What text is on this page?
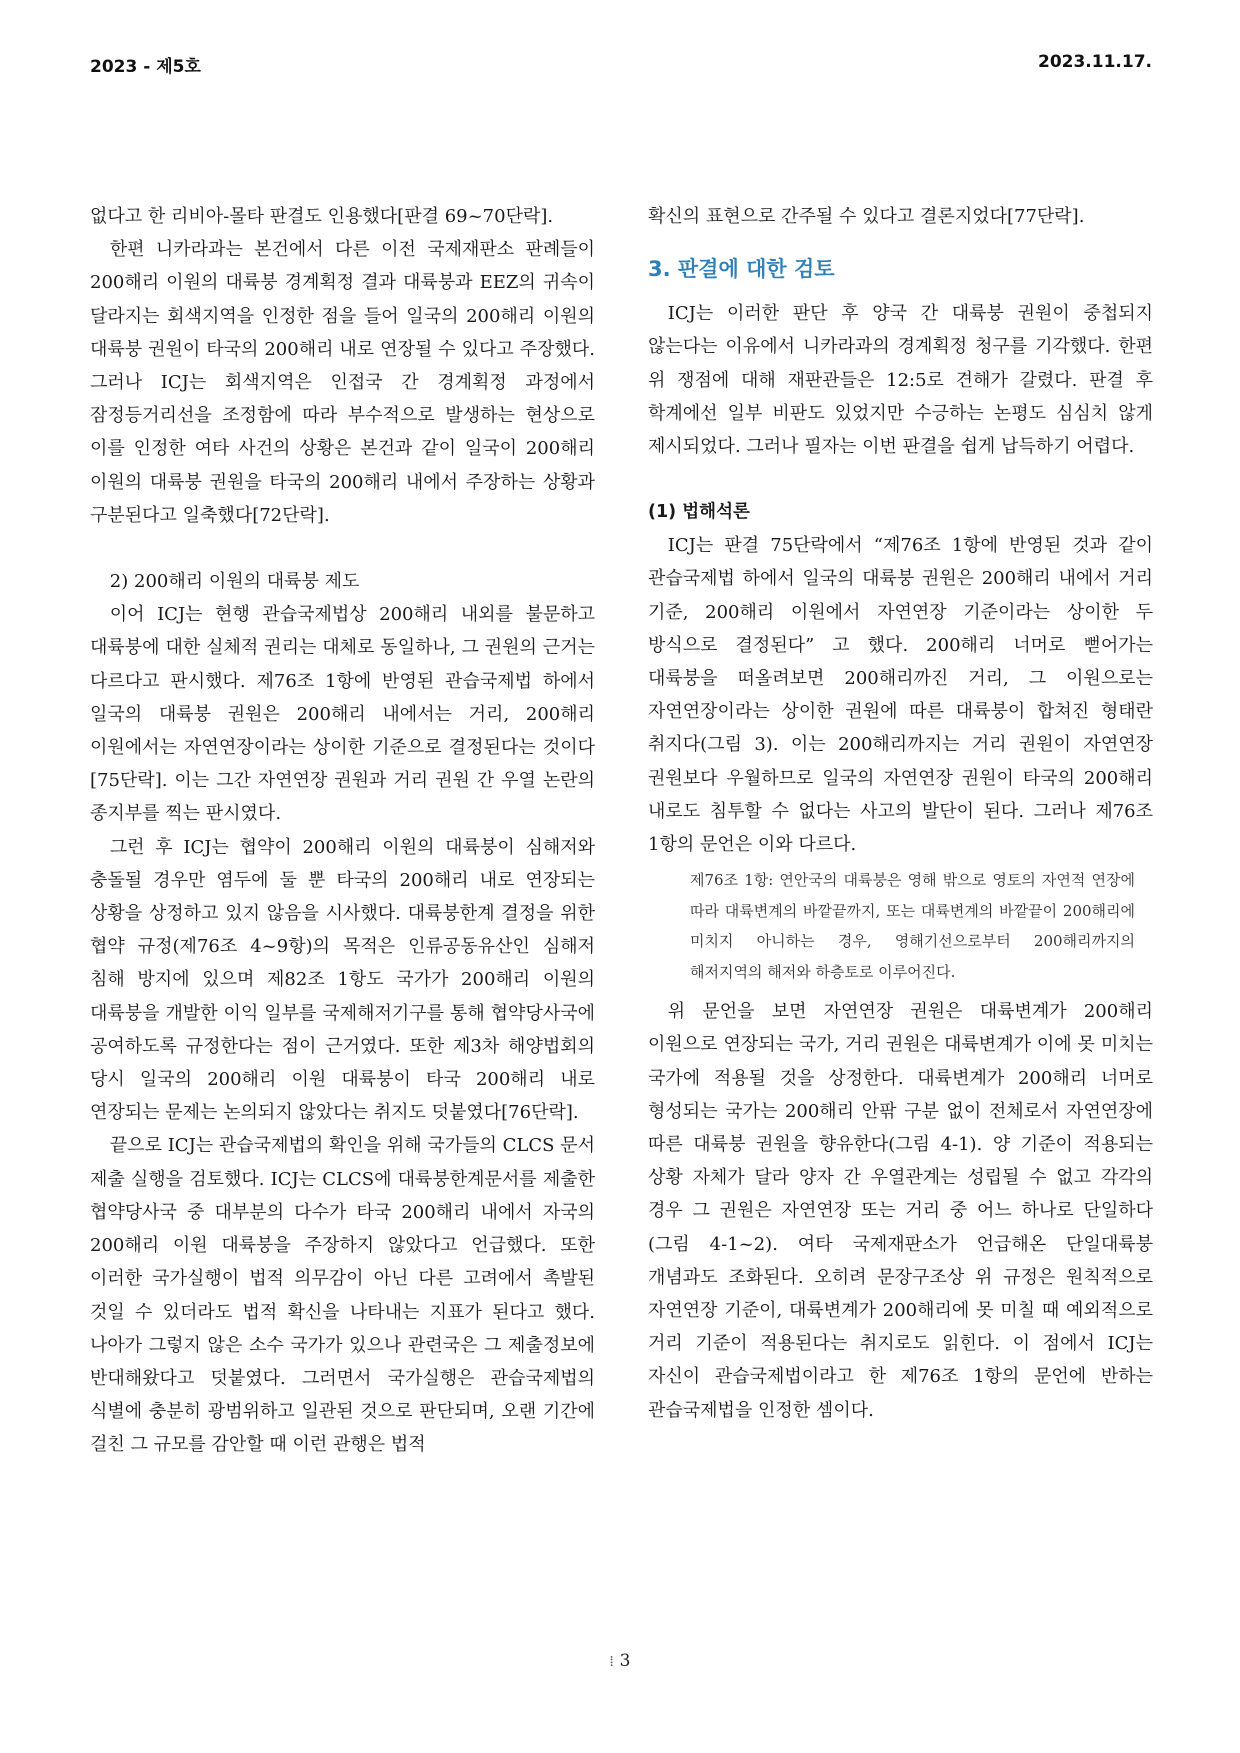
2023 - 제5호	2023.11.17.

없다고 한 리비아-몰타 판결도 인용했다[판결 69~70단락].

한편 니카라과는 본건에서 다른 이전 국제재판소 판례들이 200해리 이원의 대륙붕 경계획정 결과 대륙붕과 EEZ의 귀속이 달라지는 회색지역을 인정한 점을 들어 일국의 200해리 이원의 대륙붕 권원이 타국의 200해리 내로 연장될 수 있다고 주장했다. 그러나 ICJ는 회색지역은 인접국 간 경계획정 과정에서 잠정등거리선을 조정함에 따라 부수적으로 발생하는 현상으로 이를 인정한 여타 사건의 상황은 본건과 같이 일국이 200해리 이원의 대륙붕 권원을 타국의 200해리 내에서 주장하는 상황과 구분된다고 일축했다[72단락].

2) 200해리 이원의 대륙붕 제도

이어 ICJ는 현행 관습국제법상 200해리 내외를 불문하고 대륙붕에 대한 실체적 권리는 대체로 동일하나, 그 권원의 근거는 다르다고 판시했다. 제76조 1항에 반영된 관습국제법 하에서 일국의 대륙붕 권원은 200해리 내에서는 거리, 200해리 이원에서는 자연연장이라는 상이한 기준으로 결정된다는 것이다[75단락]. 이는 그간 자연연장 권원과 거리 권원 간 우열 논란의 종지부를 찍는 판시였다.

그런 후 ICJ는 협약이 200해리 이원의 대륙붕이 심해저와 충돌될 경우만 염두에 둘 뿐 타국의 200해리 내로 연장되는 상황을 상정하고 있지 않음을 시사했다. 대륙붕한계 결정을 위한 협약 규정(제76조 4~9항)의 목적은 인류공동유산인 심해저 침해 방지에 있으며 제82조 1항도 국가가 200해리 이원의 대륙붕을 개발한 이익 일부를 국제해저기구를 통해 협약당사국에 공여하도록 규정한다는 점이 근거였다. 또한 제3차 해양법회의 당시 일국의 200해리 이원 대륙붕이 타국 200해리 내로 연장되는 문제는 논의되지 않았다는 취지도 덧붙였다[76단락].

끝으로 ICJ는 관습국제법의 확인을 위해 국가들의 CLCS 문서 제출 실행을 검토했다. ICJ는 CLCS에 대륙붕한계문서를 제출한 협약당사국 중 대부분의 다수가 타국 200해리 내에서 자국의 200해리 이원 대륙붕을 주장하지 않았다고 언급했다. 또한 이러한 국가실행이 법적 의무감이 아닌 다른 고려에서 촉발된 것일 수 있더라도 법적 확신을 나타내는 지표가 된다고 했다. 나아가 그렇지 않은 소수 국가가 있으나 관련국은 그 제출정보에 반대해왔다고 덧붙였다. 그러면서 국가실행은 관습국제법의 식별에 충분히 광범위하고 일관된 것으로 판단되며, 오랜 기간에 걸친 그 규모를 감안할 때 이런 관행은 법적

확신의 표현으로 간주될 수 있다고 결론지었다[77단락].

3. 판결에 대한 검토

ICJ는 이러한 판단 후 양국 간 대륙붕 권원이 중첩되지 않는다는 이유에서 니카라과의 경계획정 청구를 기각했다. 한편 위 쟁점에 대해 재판관들은 12:5로 견해가 갈렸다. 판결 후 학계에선 일부 비판도 있었지만 수긍하는 논평도 심심치 않게 제시되었다. 그러나 필자는 이번 판결을 쉽게 납득하기 어렵다.

(1) 법해석론

ICJ는 판결 75단락에서 “제76조 1항에 반영된 것과 같이 관습국제법 하에서 일국의 대륙붕 권원은 200해리 내에서 거리 기준, 200해리 이원에서 자연연장 기준이라는 상이한 두 방식으로 결정된다” 고 했다. 200해리 너머로 뻗어가는 대륙붕을 떠올려보면 200해리까진 거리, 그 이원으로는 자연연장이라는 상이한 권원에 따른 대륙붕이 합쳐진 형태란 취지다(그림 3). 이는 200해리까지는 거리 권원이 자연연장 권원보다 우월하므로 일국의 자연연장 권원이 타국의 200해리 내로도 침투할 수 없다는 사고의 발단이 된다. 그러나 제76조 1항의 문언은 이와 다르다.

제76조 1항: 연안국의 대륙붕은 영해 밖으로 영토의 자연적 연장에 따라 대륙변계의 바깥끝까지, 또는 대륙변계의 바깥끝이 200해리에 미치지 아니하는 경우, 영해기선으로부터 200해리까지의 해저지역의 해저와 하층토로 이루어진다.

위 문언을 보면 자연연장 권원은 대륙변계가 200해리 이원으로 연장되는 국가, 거리 권원은 대륙변계가 이에 못 미치는 국가에 적용될 것을 상정한다. 대륙변계가 200해리 너머로 형성되는 국가는 200해리 안팎 구분 없이 전체로서 자연연장에 따른 대륙붕 권원을 향유한다(그림 4-1). 양 기준이 적용되는 상황 자체가 달라 양자 간 우열관계는 성립될 수 없고 각각의 경우 그 권원은 자연연장 또는 거리 중 어느 하나로 단일하다(그림 4-1~2). 여타 국제재판소가 언급해온 단일대륙붕 개념과도 조화된다. 오히려 문장구조상 위 규정은 원칙적으로 자연연장 기준이, 대륙변계가 200해리에 못 미칠 때 예외적으로 거리 기준이 적용된다는 취지로도 읽힌다. 이 점에서 ICJ는 자신이 관습국제법이라고 한 제76조 1항의 문언에 반하는 관습국제법을 인정한 셈이다.

⁞ 3
